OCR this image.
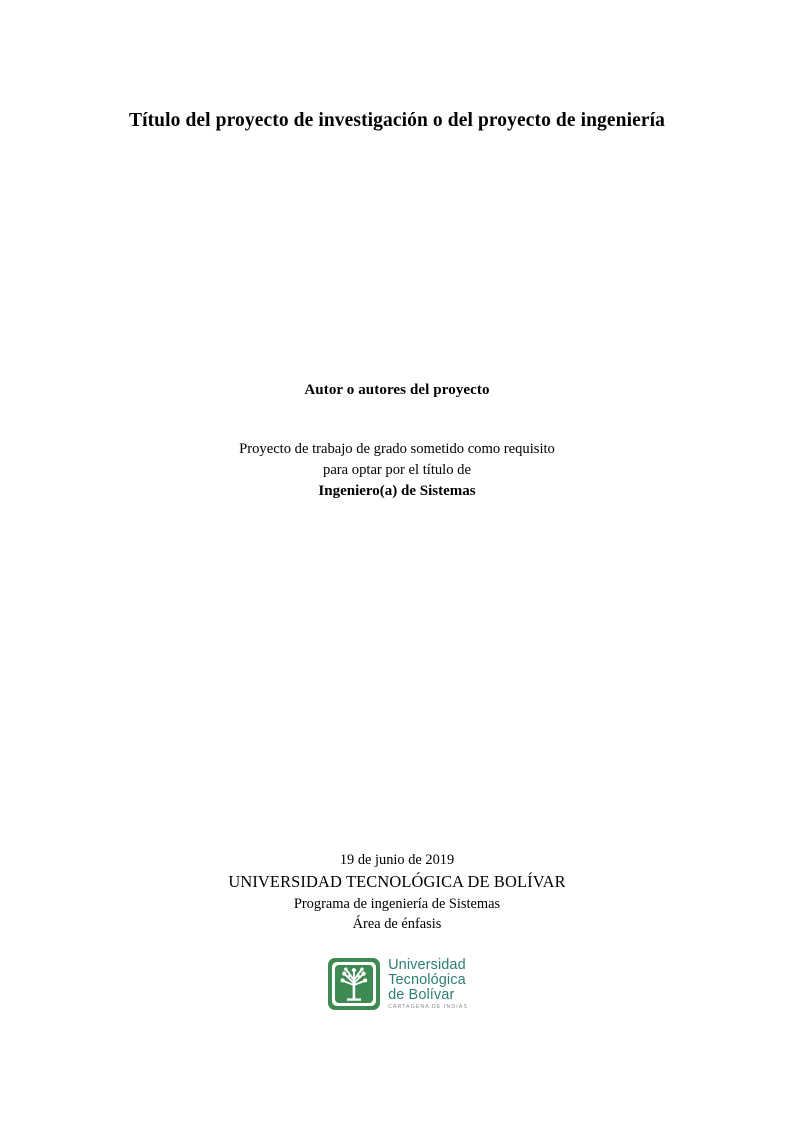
Título del proyecto de investigación o del proyecto de ingeniería
Autor o autores del proyecto
Proyecto de trabajo de grado sometido como requisito
para optar por el título de
Ingeniero(a) de Sistemas
19 de junio de 2019
UNIVERSIDAD TECNOLÓGICA DE BOLÍVAR
Programa de ingeniería de Sistemas
Área de énfasis
Universidad
Tecnológica
de Bolívar
CARTAGENA DE INDIAS
